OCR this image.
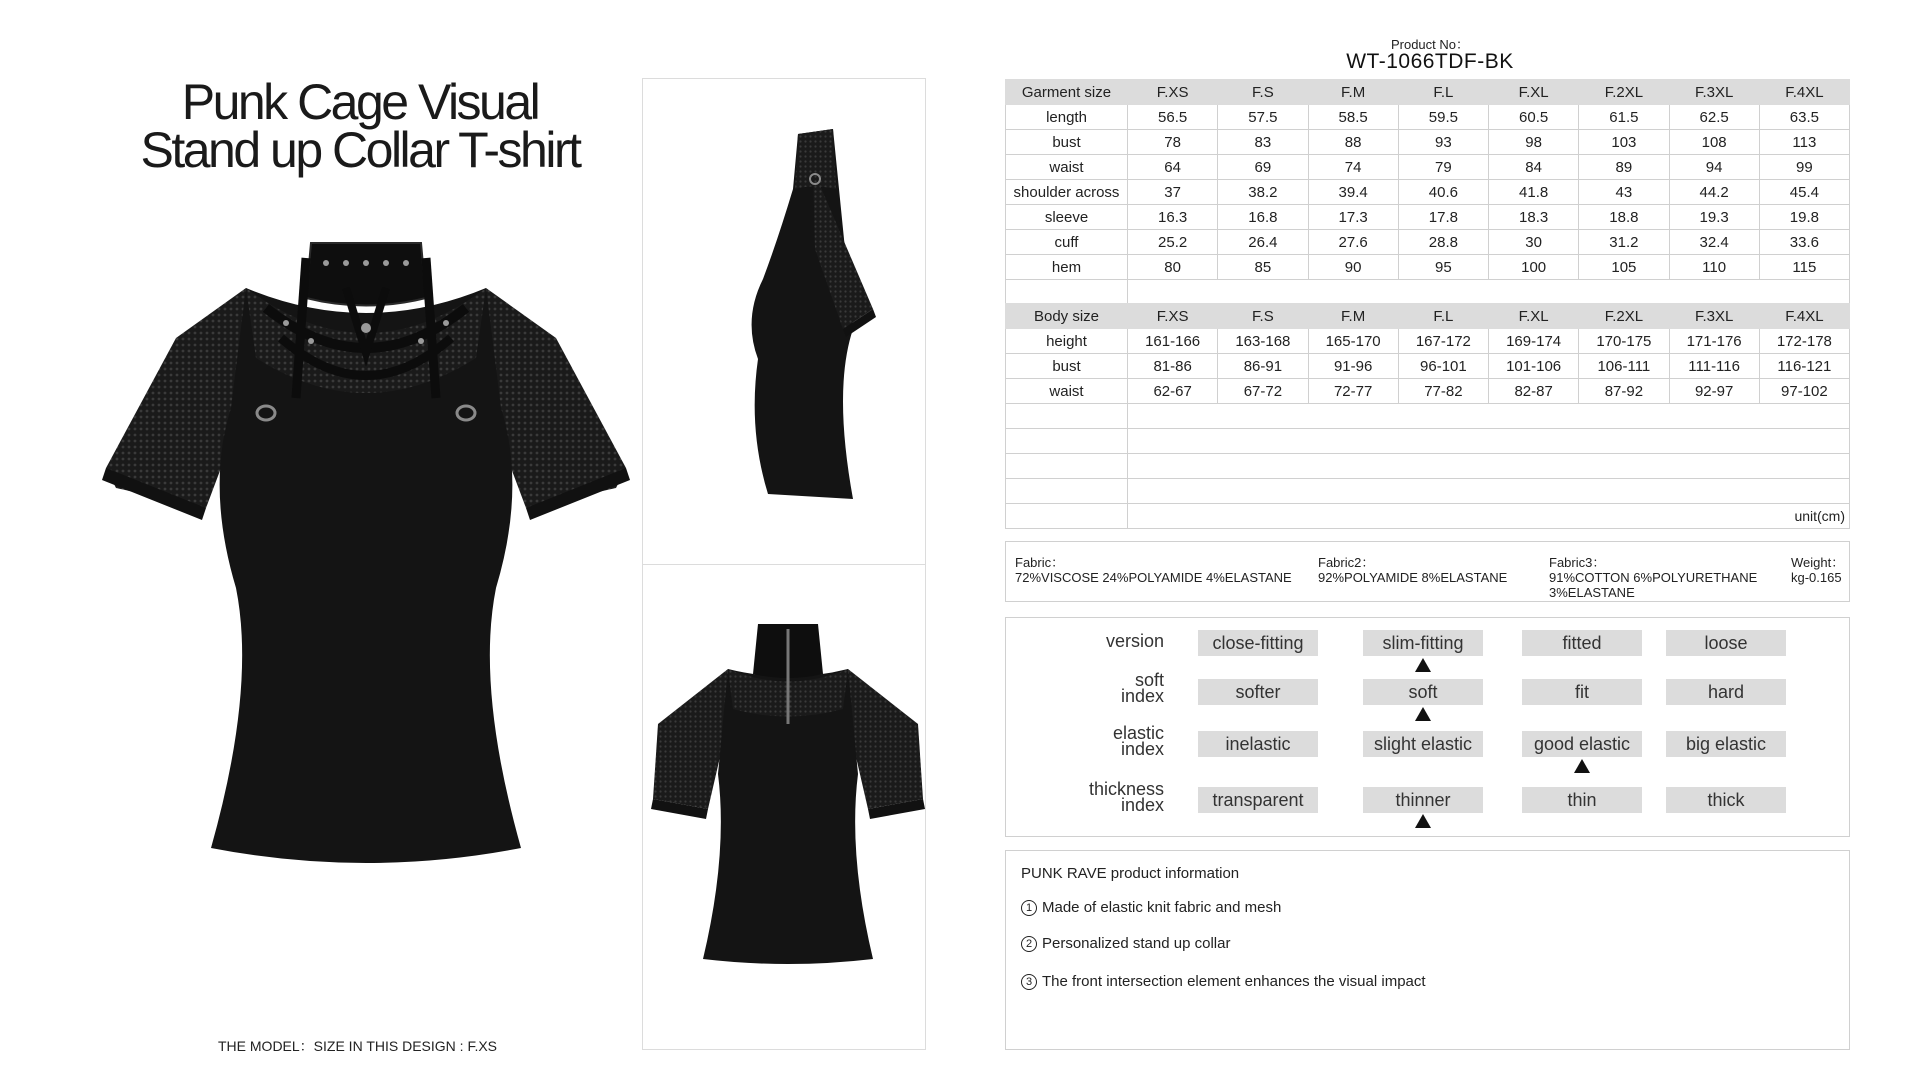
Punk Cage Visual
Stand up Collar T-shirt
THE MODEL：SIZE IN THIS DESIGN : F.XS
Product No：
WT-1066TDF-BK
Garment size	F.XS	F.S	F.M	F.L	F.XL	F.2XL	F.3XL	F.4XL
length	56.5	57.5	58.5	59.5	60.5	61.5	62.5	63.5
bust	78	83	88	93	98	103	108	113
waist	64	69	74	79	84	89	94	99
shoulder across	37	38.2	39.4	40.6	41.8	43	44.2	45.4
sleeve	16.3	16.8	17.3	17.8	18.3	18.8	19.3	19.8
cuff	25.2	26.4	27.6	28.8	30	31.2	32.4	33.6
hem	80	85	90	95	100	105	110	115

Body size	F.XS	F.S	F.M	F.L	F.XL	F.2XL	F.3XL	F.4XL
height	161-166	163-168	165-170	167-172	169-174	170-175	171-176	172-178
bust	81-86	86-91	91-96	96-101	101-106	106-111	111-116	116-121
waist	62-67	67-72	72-77	77-82	82-87	87-92	92-97	97-102

	unit(cm)							
Fabric：
72%VISCOSE 24%POLYAMIDE 4%ELASTANE
Fabric2：
92%POLYAMIDE 8%ELASTANE
Fabric3：
91%COTTON 6%POLYURETHANE
3%ELASTANE
Weight：
kg-0.165
version	close-fitting	slim-fitting	fitted	loose
soft
index	softer	soft	fit	hard
elastic
index	inelastic	slight elastic	good elastic	big elastic
thickness
index	transparent	thinner	thin	thick
PUNK RAVE product information
1 Made of elastic knit fabric and mesh
2 Personalized stand up collar
3 The front intersection element enhances the visual impact
